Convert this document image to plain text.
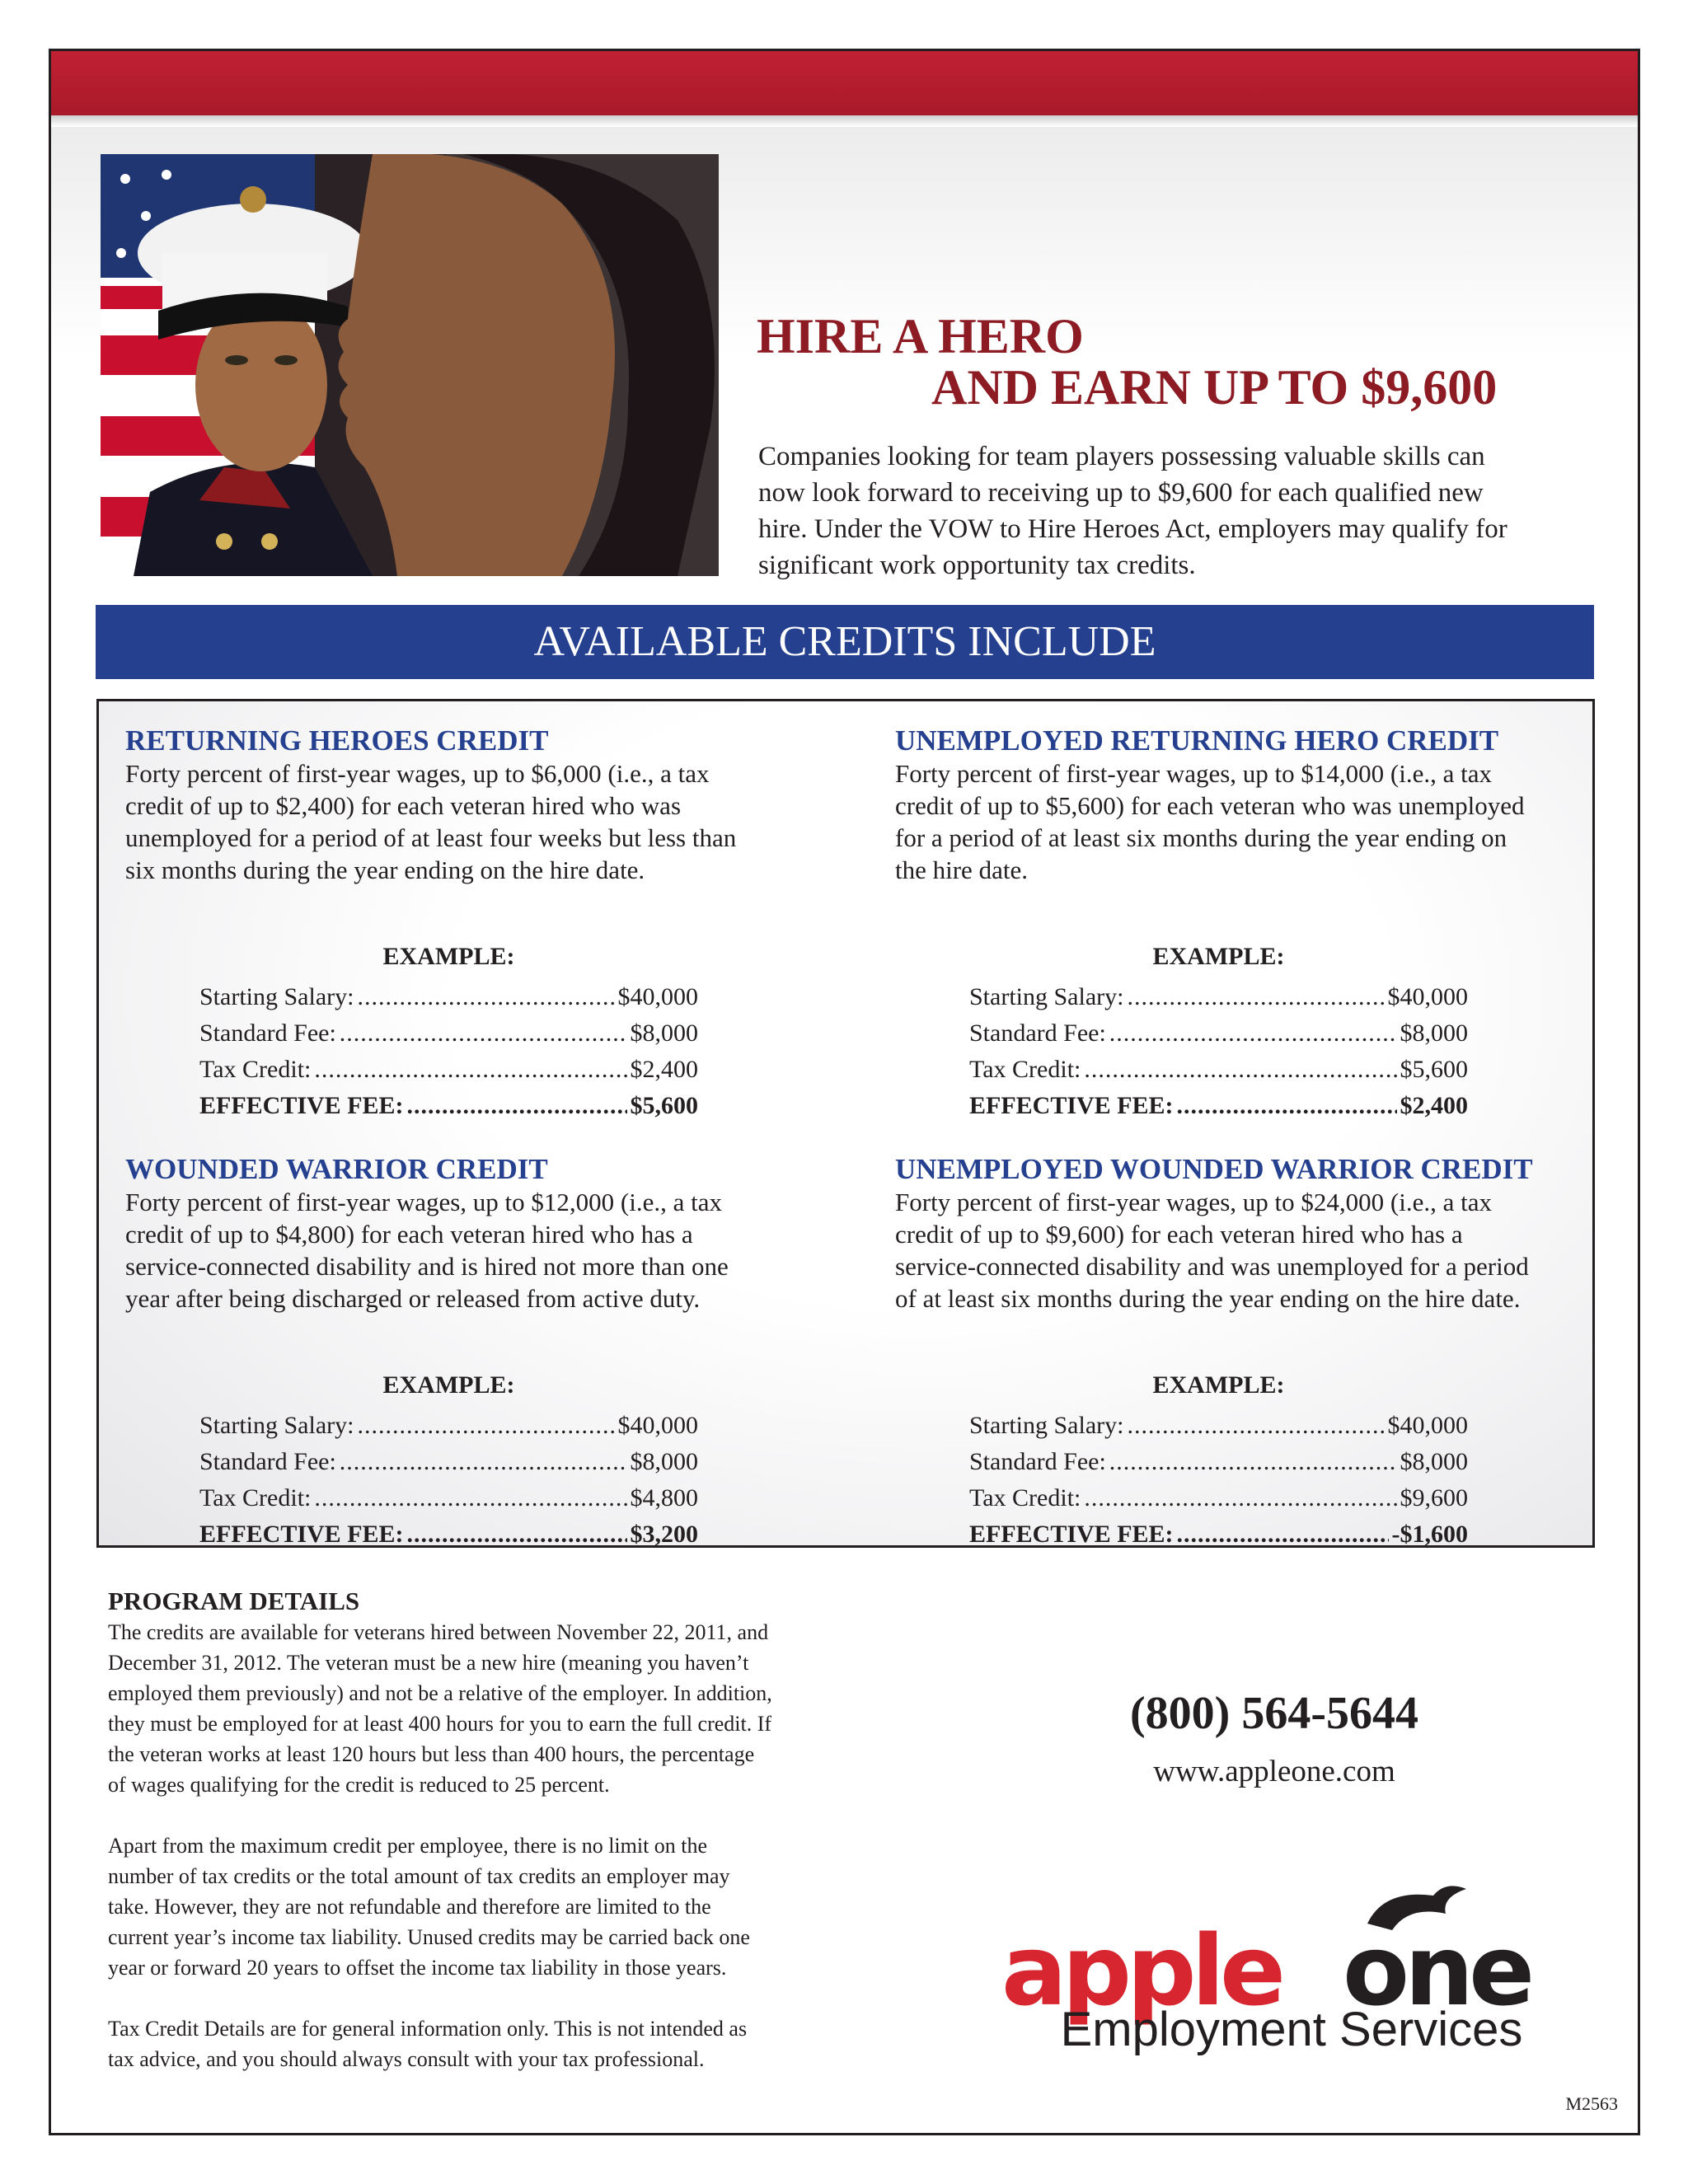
HIRE A HERO
AND EARN UP TO $9,600
Companies looking for team players possessing valuable skills can
now look forward to receiving up to $9,600 for each qualified new
hire. Under the VOW to Hire Heroes Act, employers may qualify for
significant work opportunity tax credits.
AVAILABLE CREDITS INCLUDE
RETURNING HEROES CREDIT
Forty percent of first-year wages, up to $6,000 (i.e., a tax
credit of up to $2,400) for each veteran hired who was
unemployed for a period of at least four weeks but less than
six months during the year ending on the hire date.
EXAMPLE:
Starting Salary: .....	$40,000
Standard Fee: .....	$8,000
Tax Credit: .....	$2,400
EFFECTIVE FEE: .....	$5,600
UNEMPLOYED RETURNING HERO CREDIT
Forty percent of first-year wages, up to $14,000 (i.e., a tax
credit of up to $5,600) for each veteran who was unemployed
for a period of at least six months during the year ending on
the hire date.
EXAMPLE:
Starting Salary: .....	$40,000
Standard Fee: .....	$8,000
Tax Credit: .....	$5,600
EFFECTIVE FEE: .....	$2,400
WOUNDED WARRIOR CREDIT
Forty percent of first-year wages, up to $12,000 (i.e., a tax
credit of up to $4,800) for each veteran hired who has a
service-connected disability and is hired not more than one
year after being discharged or released from active duty.
EXAMPLE:
Starting Salary: .....	$40,000
Standard Fee: .....	$8,000
Tax Credit: .....	$4,800
EFFECTIVE FEE: .....	$3,200
UNEMPLOYED WOUNDED WARRIOR CREDIT
Forty percent of first-year wages, up to $24,000 (i.e., a tax
credit of up to $9,600) for each veteran hired who has a
service-connected disability and was unemployed for a period
of at least six months during the year ending on the hire date.
EXAMPLE:
Starting Salary: .....	$40,000
Standard Fee: .....	$8,000
Tax Credit: .....	$9,600
EFFECTIVE FEE: .....	-$1,600
PROGRAM DETAILS

The credits are available for veterans hired between November 22, 2011, and
December 31, 2012. The veteran must be a new hire (meaning you haven’t
employed them previously) and not be a relative of the employer. In addition,
they must be employed for at least 400 hours for you to earn the full credit. If
the veteran works at least 120 hours but less than 400 hours, the percentage
of wages qualifying for the credit is reduced to 25 percent.

Apart from the maximum credit per employee, there is no limit on the
number of tax credits or the total amount of tax credits an employer may
take. However, they are not refundable and therefore are limited to the
current year’s income tax liability. Unused credits may be carried back one
year or forward 20 years to offset the income tax liability in those years.

Tax Credit Details are for general information only. This is not intended as
tax advice, and you should always consult with your tax professional.

(800) 564-5644
www.appleone.com
apple one
Employment Services
M2563
